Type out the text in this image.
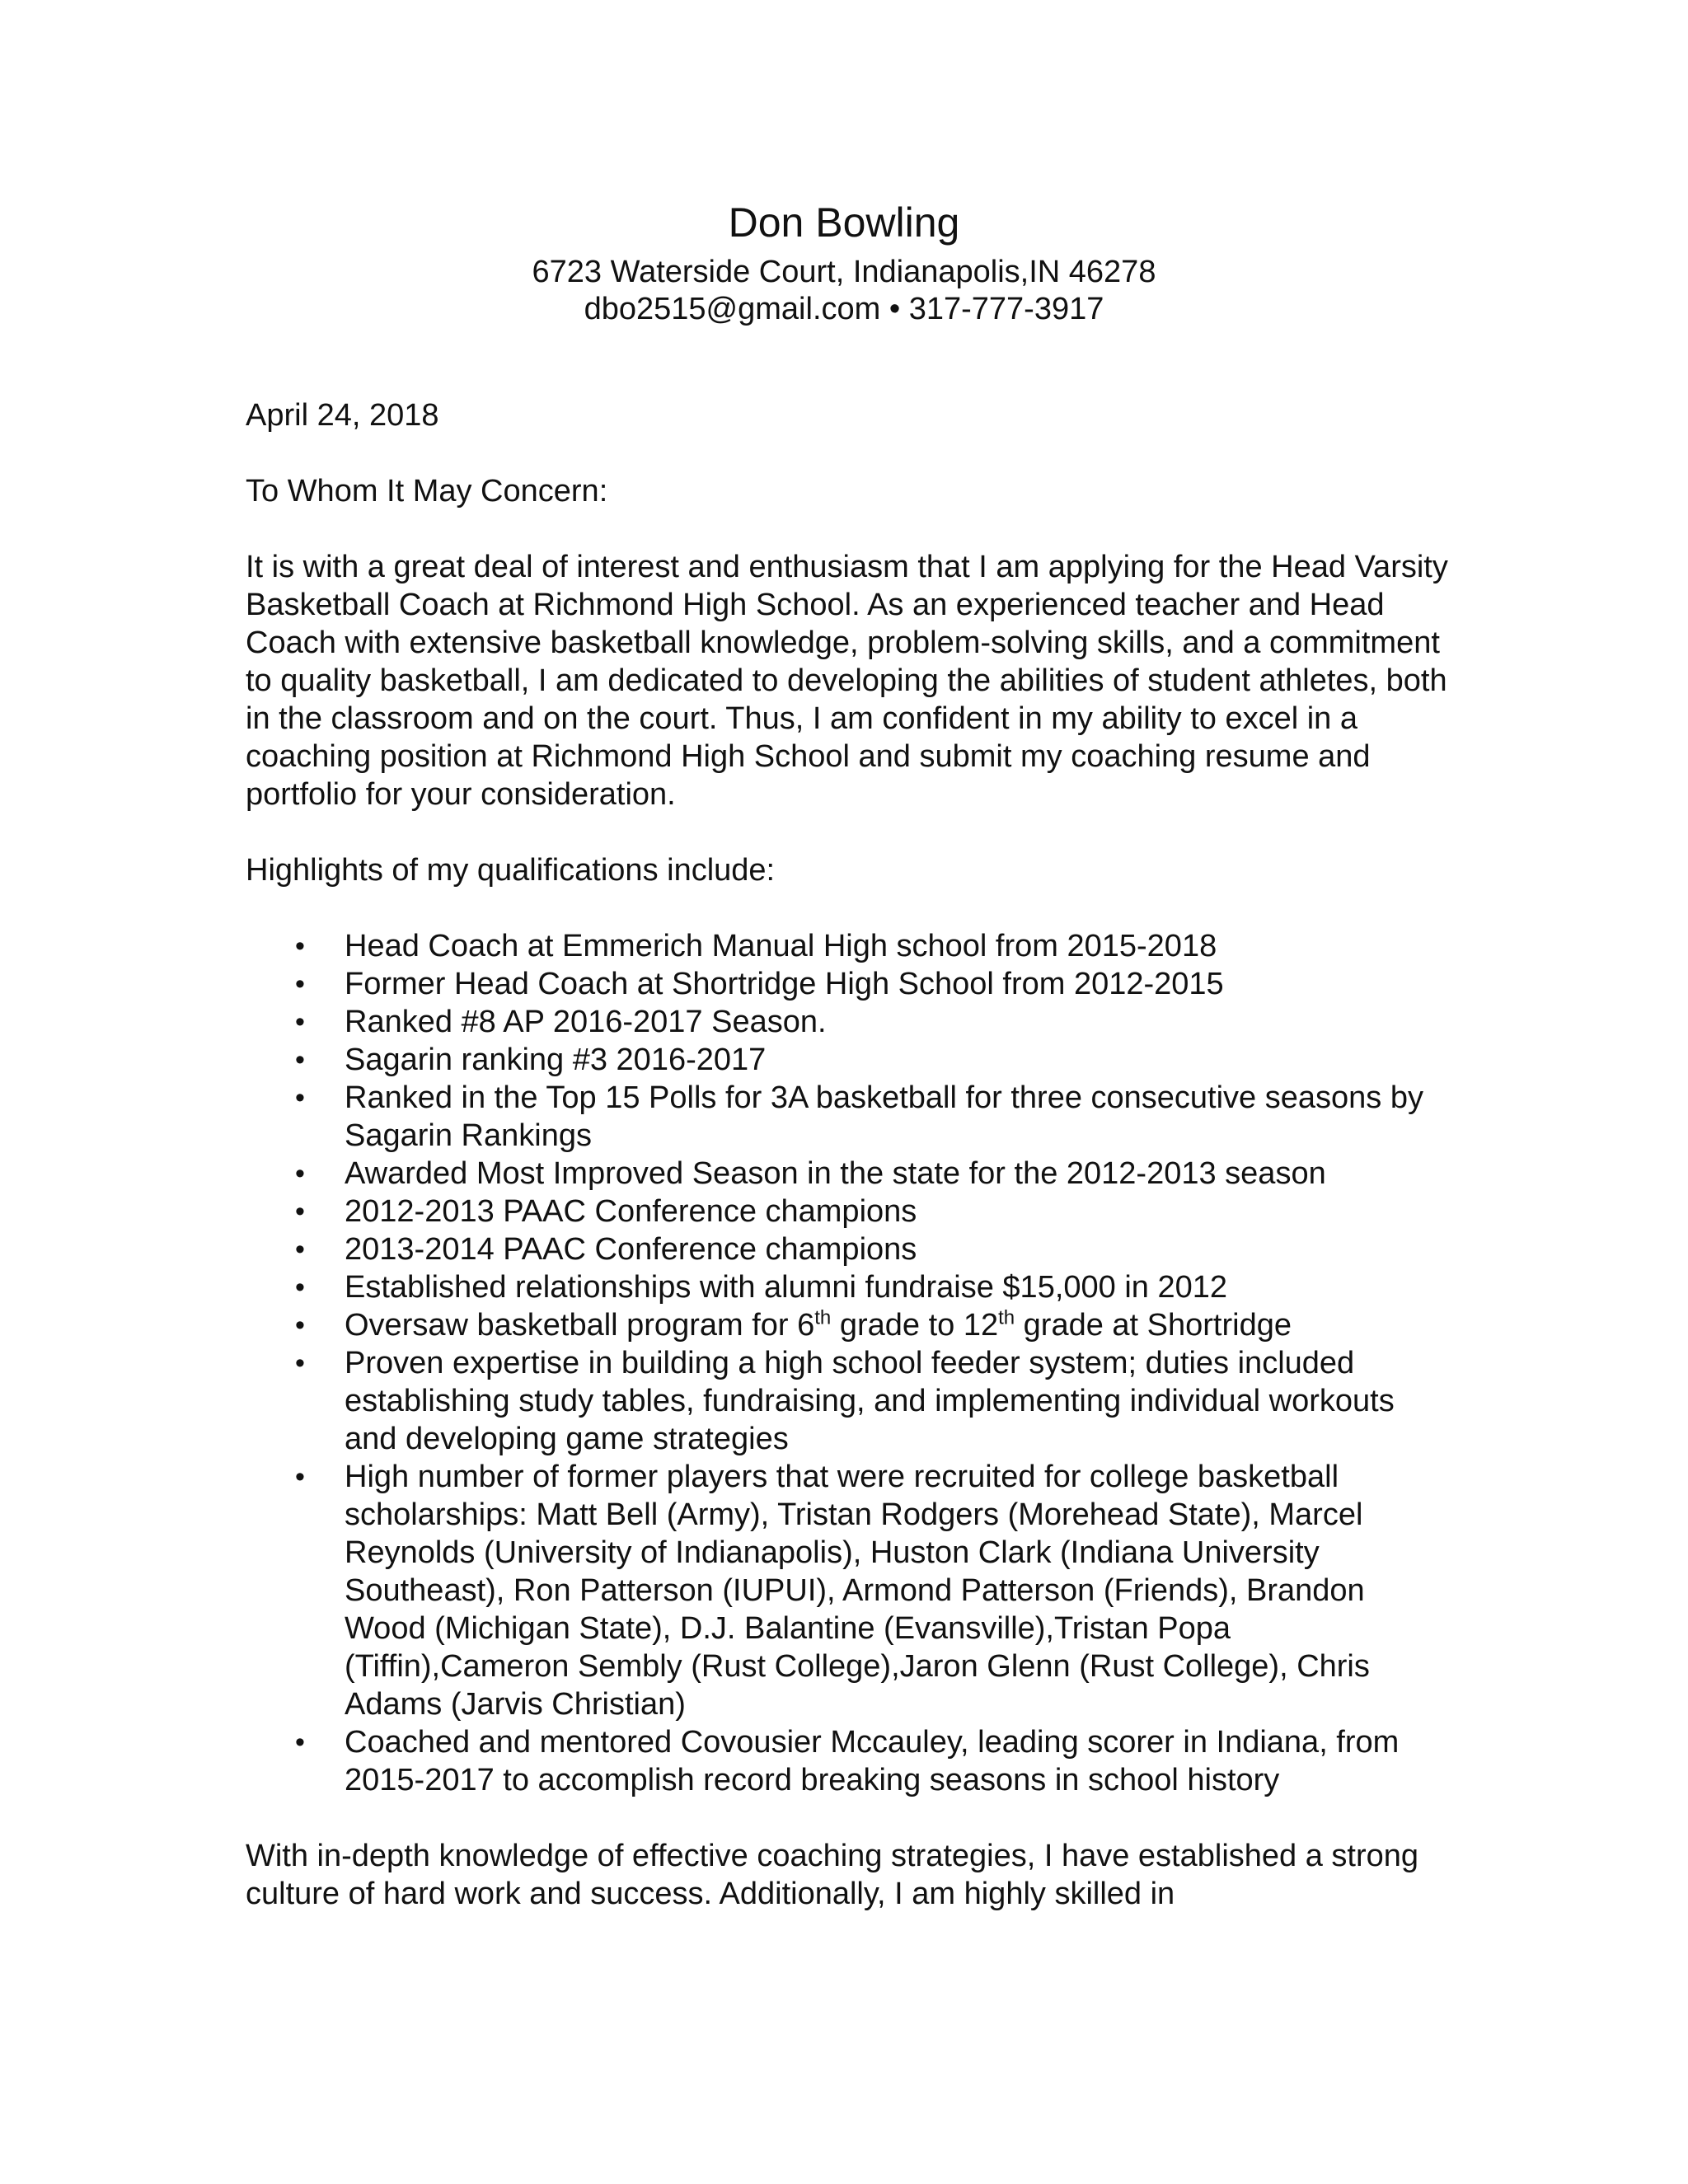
Don Bowling
6723 Waterside Court, Indianapolis,IN 46278
dbo2515@gmail.com • 317-777-3917

April 24, 2018

To Whom It May Concern:

It is with a great deal of interest and enthusiasm that I am applying for the Head Varsity Basketball Coach at Richmond High School. As an experienced teacher and Head Coach with extensive basketball knowledge, problem-solving skills, and a commitment to quality basketball, I am dedicated to developing the abilities of student athletes, both in the classroom and on the court. Thus, I am confident in my ability to excel in a coaching position at Richmond High School and submit my coaching resume and portfolio for your consideration.

Highlights of my qualifications include:

• Head Coach at Emmerich Manual High school from 2015-2018
• Former Head Coach at Shortridge High School from 2012-2015
• Ranked #8 AP 2016-2017 Season.
• Sagarin ranking #3 2016-2017
• Ranked in the Top 15 Polls for 3A basketball for three consecutive seasons by Sagarin Rankings
• Awarded Most Improved Season in the state for the 2012-2013 season
• 2012-2013 PAAC Conference champions
• 2013-2014 PAAC Conference champions
• Established relationships with alumni fundraise $15,000 in 2012
• Oversaw basketball program for 6th grade to 12th grade at Shortridge
• Proven expertise in building a high school feeder system; duties included establishing study tables, fundraising, and implementing individual workouts and developing game strategies
• High number of former players that were recruited for college basketball scholarships: Matt Bell (Army), Tristan Rodgers (Morehead State), Marcel Reynolds (University of Indianapolis), Huston Clark (Indiana University Southeast), Ron Patterson (IUPUI), Armond Patterson (Friends), Brandon Wood (Michigan State), D.J. Balantine (Evansville),Tristan Popa (Tiffin),Cameron Sembly (Rust College),Jaron Glenn (Rust College), Chris Adams (Jarvis Christian)
• Coached and mentored Covousier Mccauley, leading scorer in Indiana, from 2015-2017 to accomplish record breaking seasons in school history

With in-depth knowledge of effective coaching strategies, I have established a strong culture of hard work and success. Additionally, I am highly skilled in
